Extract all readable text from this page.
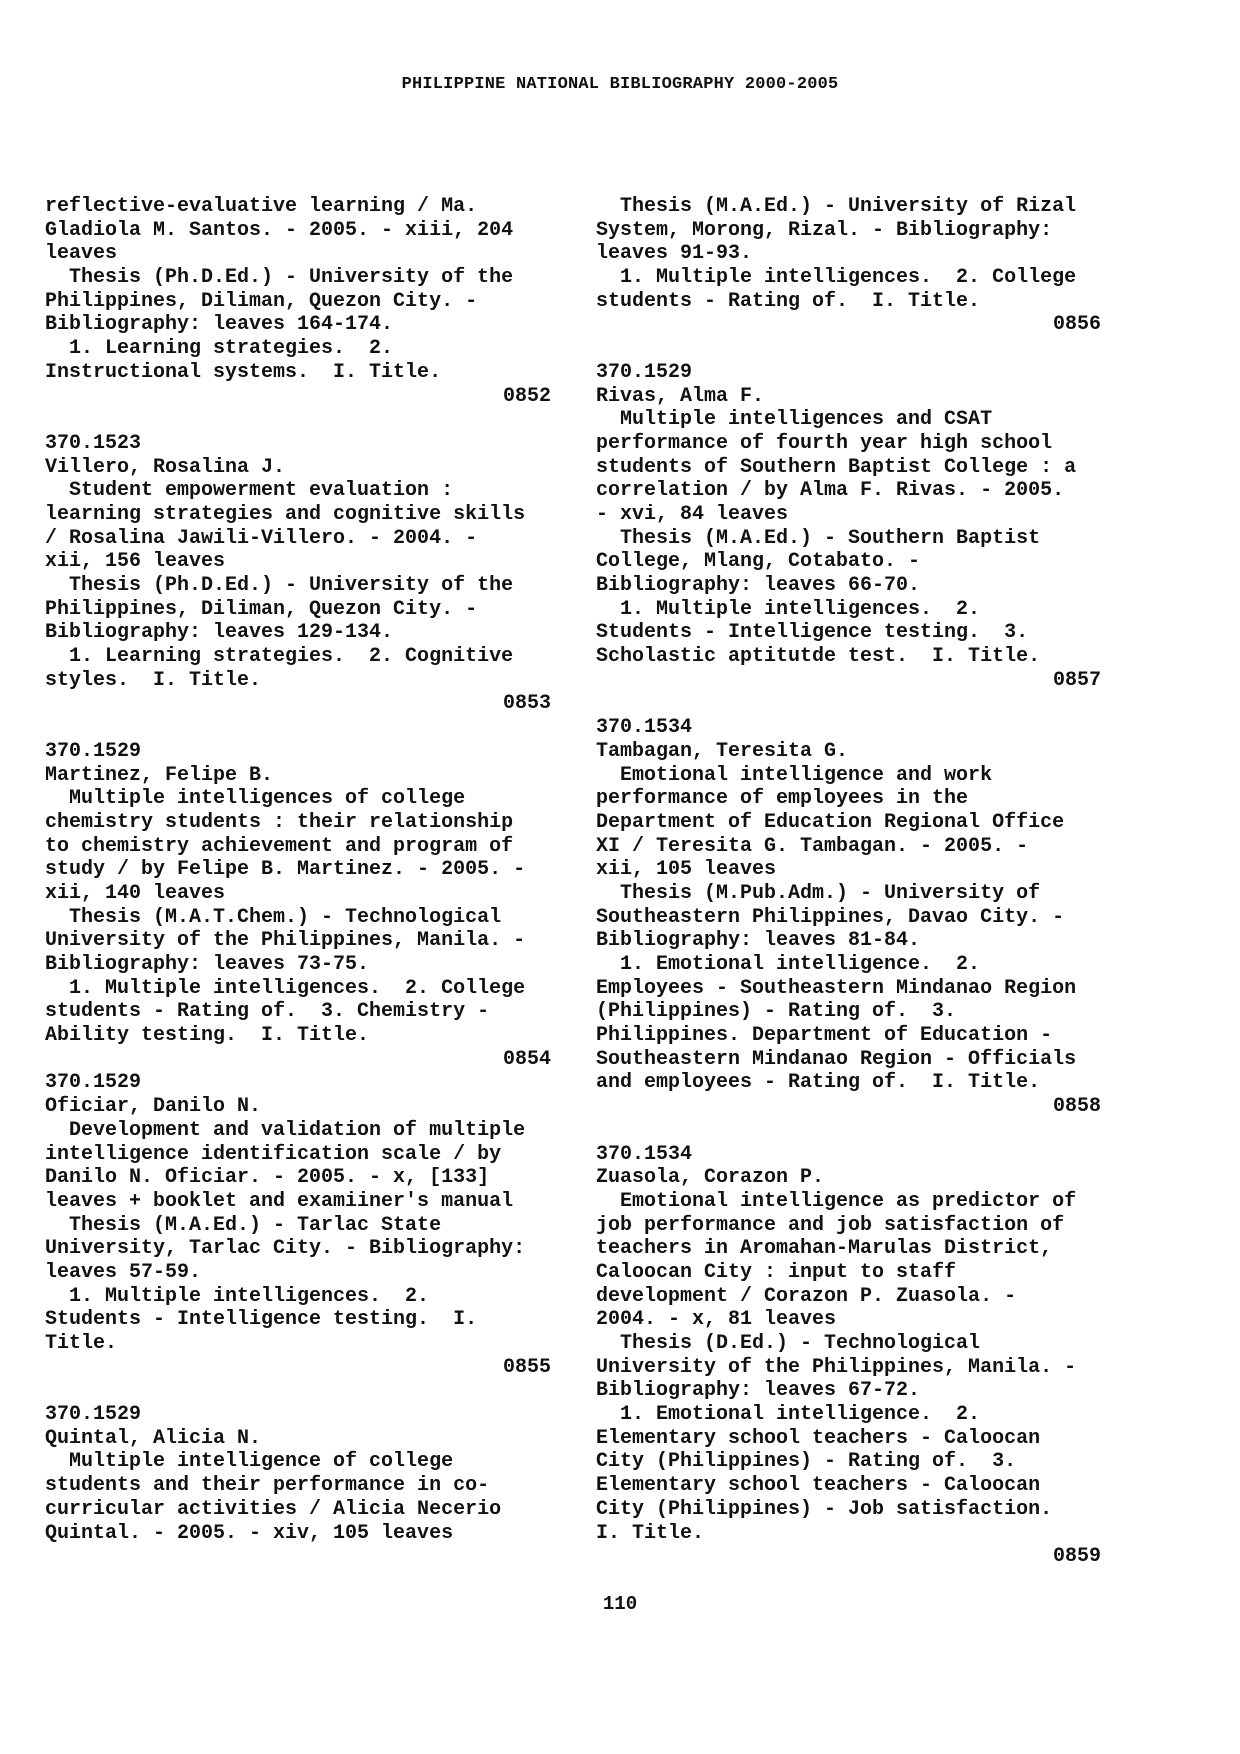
PHILIPPINE NATIONAL BIBLIOGRAPHY 2000-2005
reflective-evaluative learning / Ma.
Gladiola M. Santos. - 2005. - xiii, 204
leaves
Thesis (Ph.D.Ed.) - University of the
Philippines, Diliman, Quezon City. -
Bibliography: leaves 164-174.
1. Learning strategies.  2.
Instructional systems.  I. Title.
0852
370.1523
Villero, Rosalina J.
Student empowerment evaluation :
learning strategies and cognitive skills
/ Rosalina Jawili-Villero. - 2004. -
xii, 156 leaves
Thesis (Ph.D.Ed.) - University of the
Philippines, Diliman, Quezon City. -
Bibliography: leaves 129-134.
1. Learning strategies.  2. Cognitive
styles.  I. Title.
0853
370.1529
Martinez, Felipe B.
Multiple intelligences of college
chemistry students : their relationship
to chemistry achievement and program of
study / by Felipe B. Martinez. - 2005. -
xii, 140 leaves
Thesis (M.A.T.Chem.) - Technological
University of the Philippines, Manila. -
Bibliography: leaves 73-75.
1. Multiple intelligences.  2. College
students - Rating of.  3. Chemistry -
Ability testing.  I. Title.
0854
370.1529
Oficiar, Danilo N.
Development and validation of multiple
intelligence identification scale / by
Danilo N. Oficiar. - 2005. - x, [133]
leaves + booklet and examiiner's manual
Thesis (M.A.Ed.) - Tarlac State
University, Tarlac City. - Bibliography:
leaves 57-59.
1. Multiple intelligences.  2.
Students - Intelligence testing.  I.
Title.
0855
370.1529
Quintal, Alicia N.
Multiple intelligence of college
students and their performance in co-
curricular activities / Alicia Necerio
Quintal. - 2005. - xiv, 105 leaves
Thesis (M.A.Ed.) - University of Rizal
System, Morong, Rizal. - Bibliography:
leaves 91-93.
1. Multiple intelligences.  2. College
students - Rating of.  I. Title.
0856
370.1529
Rivas, Alma F.
Multiple intelligences and CSAT
performance of fourth year high school
students of Southern Baptist College : a
correlation / by Alma F. Rivas. - 2005.
- xvi, 84 leaves
Thesis (M.A.Ed.) - Southern Baptist
College, Mlang, Cotabato. -
Bibliography: leaves 66-70.
1. Multiple intelligences.  2.
Students - Intelligence testing.  3.
Scholastic aptitutde test.  I. Title.
0857
370.1534
Tambagan, Teresita G.
Emotional intelligence and work
performance of employees in the
Department of Education Regional Office
XI / Teresita G. Tambagan. - 2005. -
xii, 105 leaves
Thesis (M.Pub.Adm.) - University of
Southeastern Philippines, Davao City. -
Bibliography: leaves 81-84.
1. Emotional intelligence.  2.
Employees - Southeastern Mindanao Region
(Philippines) - Rating of.  3.
Philippines. Department of Education -
Southeastern Mindanao Region - Officials
and employees - Rating of.  I. Title.
0858
370.1534
Zuasola, Corazon P.
Emotional intelligence as predictor of
job performance and job satisfaction of
teachers in Aromahan-Marulas District,
Caloocan City : input to staff
development / Corazon P. Zuasola. -
2004. - x, 81 leaves
Thesis (D.Ed.) - Technological
University of the Philippines, Manila. -
Bibliography: leaves 67-72.
1. Emotional intelligence.  2.
Elementary school teachers - Caloocan
City (Philippines) - Rating of.  3.
Elementary school teachers - Caloocan
City (Philippines) - Job satisfaction.
I. Title.
0859
110
